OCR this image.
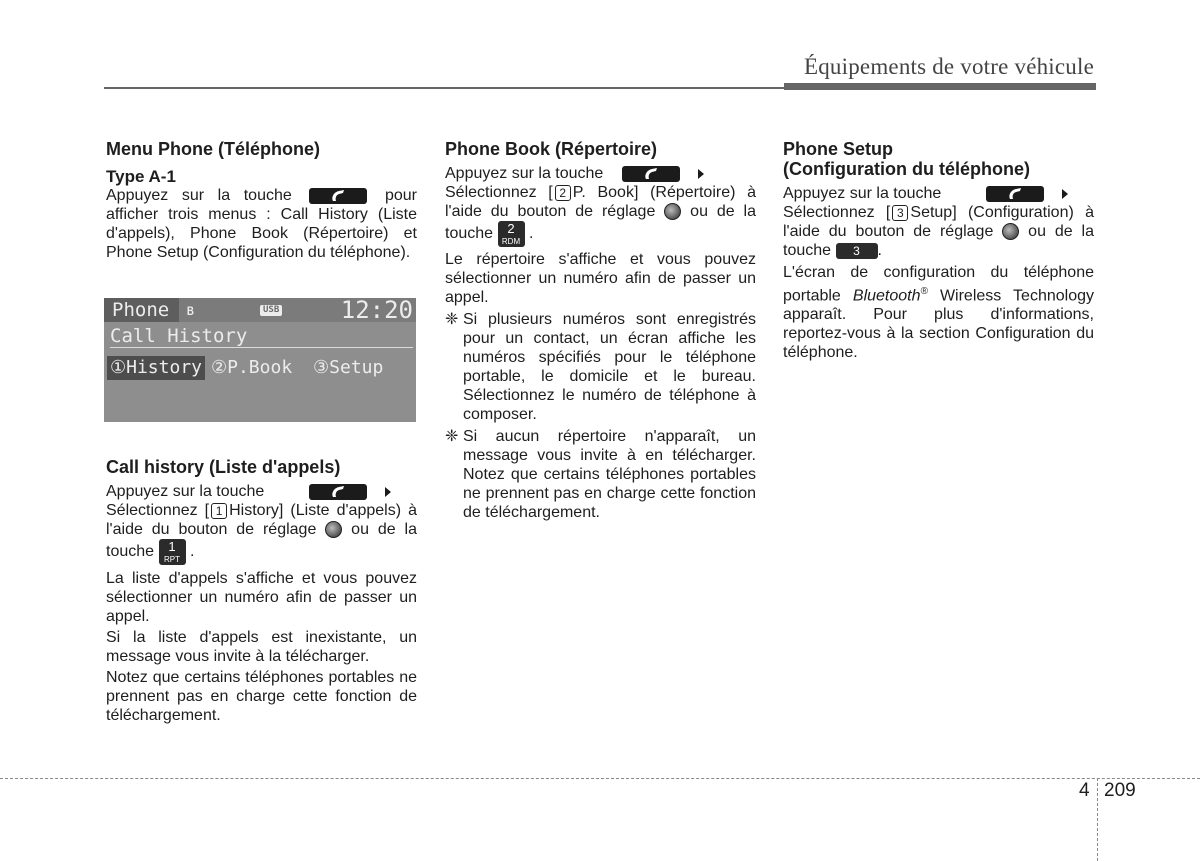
Équipements de votre véhicule

Menu Phone (Téléphone)

Type A-1

Appuyez sur la touche	pour afficher trois menus : Call History (Liste d'appels), Phone Book (Répertoire) et Phone Setup (Configuration du téléphone).

Phone	ʙ	USB	12:20
Call History
①History ②P.Book ③Setup

Call history (Liste d'appels)

Appuyez sur la touche

Sélectionnez [ 1 History] (Liste d'appels) à l'aide du bouton de réglage ou de la touche	1
RPT .

La liste d'appels s'affiche et vous pouvez sélectionner un numéro afin de passer un appel.

Si la liste d'appels est inexistante, un message vous invite à la télécharger.

Notez que certains téléphones portables ne prennent pas en charge cette fonction de téléchargement.

Phone Book (Répertoire)

Appuyez sur la touche

Sélectionnez [ 2 P. Book] (Répertoire) à l'aide du bouton de réglage ou de la touche	2
RDM .

Le répertoire s'affiche et vous pouvez sélectionner un numéro afin de passer un appel.

❈ Si plusieurs numéros sont enregistrés pour un contact, un écran affiche les numéros spécifiés pour le téléphone portable, le domicile et le bureau. Sélectionnez le numéro de téléphone à composer.
❈ Si aucun répertoire n'apparaît, un message vous invite à en télécharger. Notez que certains téléphones portables ne prennent pas en charge cette fonction de téléchargement.

Phone Setup

(Configuration du téléphone)

Appuyez sur la touche

Sélectionnez [ 3 Setup] (Configuration) à l'aide du bouton de réglage ou de la touche 3 .

L'écran de configuration du téléphone portable Bluetooth® Wireless Technology apparaît. Pour plus d'informations, reportez-vous à la section Configuration du téléphone.

4 209
